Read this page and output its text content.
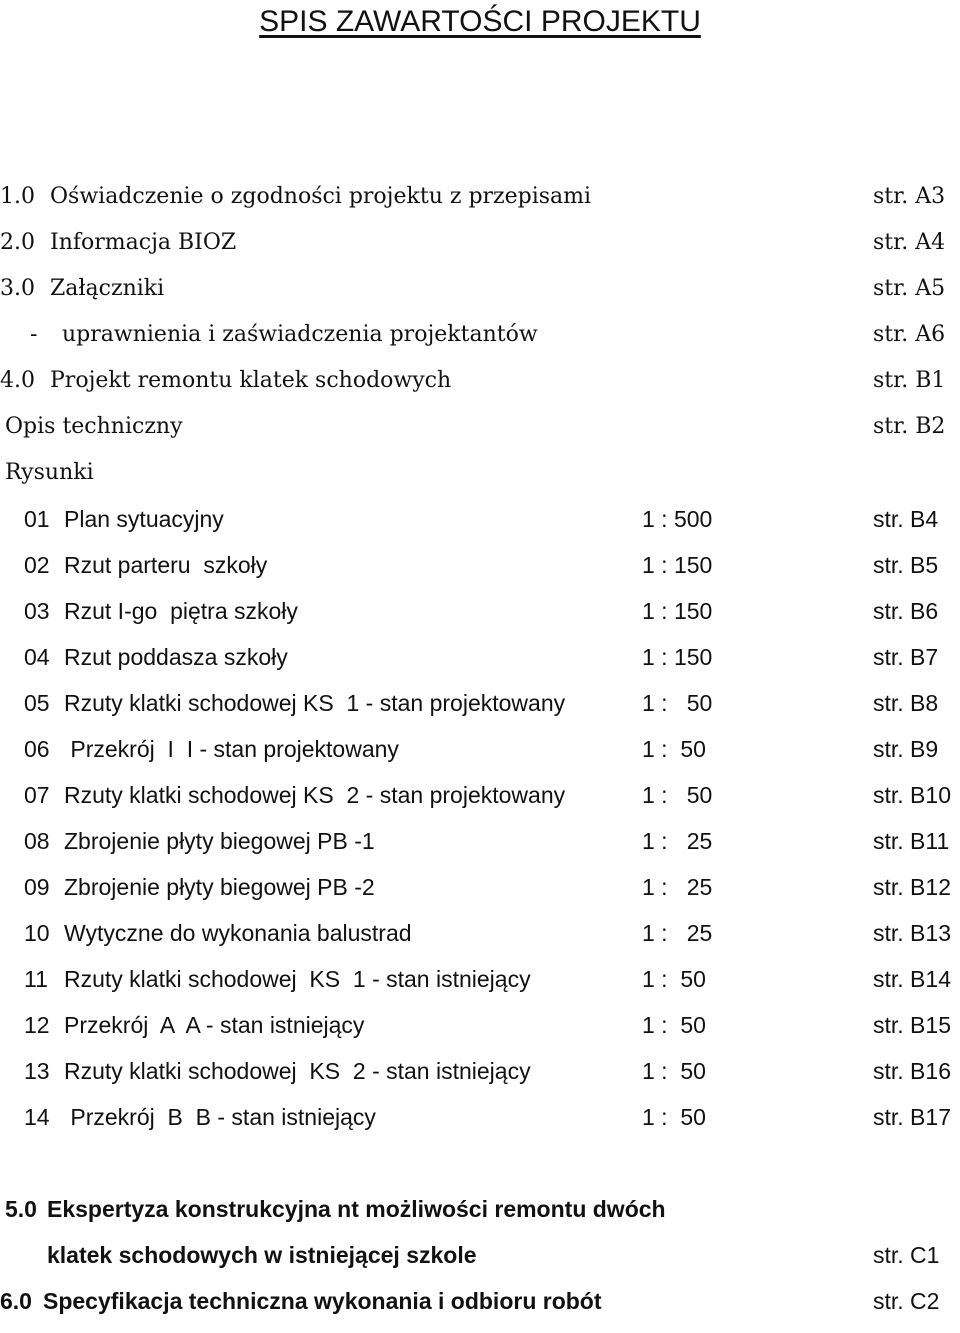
SPIS ZAWARTOŚCI PROJEKTU
1.0 Oświadczenie o zgodności projektu z przepisami	str. A3
2.0 Informacja BIOZ	str. A4
3.0 Załączniki	str. A5
- uprawnienia i zaświadczenia projektantów	str. A6
4.0 Projekt remontu klatek schodowych	str. B1
Opis techniczny	str. B2
Rysunki
01 Plan sytuacyjny	1 : 500	str. B4
02 Rzut parteru  szkoły	1 : 150	str. B5
03 Rzut I-go  piętra szkoły	1 : 150	str. B6
04 Rzut poddasza szkoły	1 : 150	str. B7
05 Rzuty klatki schodowej KS  1 - stan projektowany	1 :   50	str. B8
06 Przekrój  I  I - stan projektowany	1 :  50	str. B9
07 Rzuty klatki schodowej KS  2 - stan projektowany	1 :   50	str. B10
08 Zbrojenie płyty biegowej PB -1	1 :   25	str. B11
09 Zbrojenie płyty biegowej PB -2	1 :   25	str. B12
10 Wytyczne do wykonania balustrad	1 :   25	str. B13
11 Rzuty klatki schodowej  KS  1 - stan istniejący	1 :  50	str. B14
12 Przekrój  A  A - stan istniejący	1 :  50	str. B15
13 Rzuty klatki schodowej  KS  2 - stan istniejący	1 :  50	str. B16
14 Przekrój  B  B - stan istniejący	1 :  50	str. B17
5.0 Ekspertyza konstrukcyjna nt możliwości remontu dwóch
klatek schodowych w istniejącej szkole	str. C1
6.0 Specyfikacja techniczna wykonania i odbioru robót	str. C2
